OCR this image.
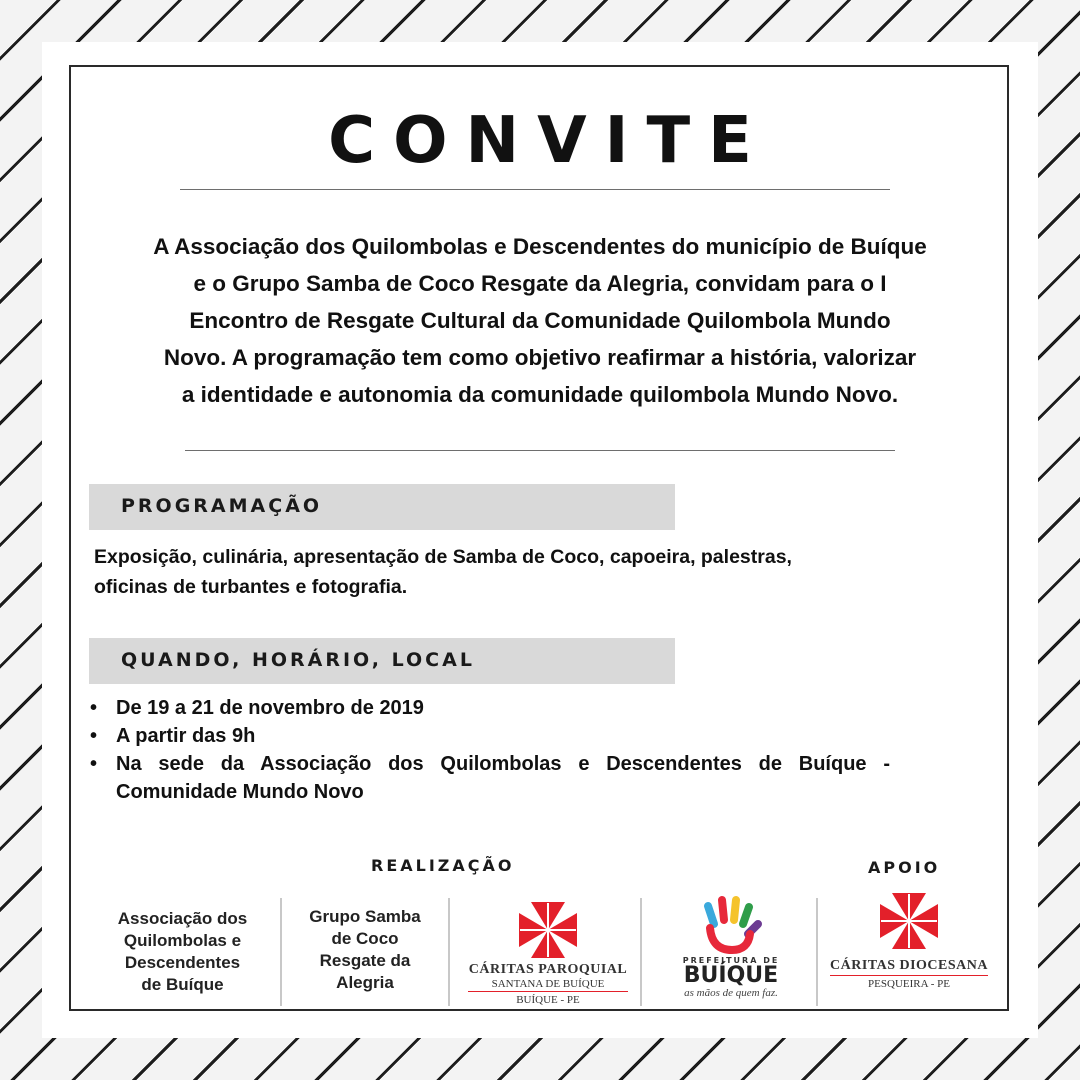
CONVITE
A Associação dos Quilombolas e Descendentes do município de Buíque
e o Grupo Samba de Coco Resgate da Alegria, convidam para o I
Encontro de Resgate Cultural da Comunidade Quilombola Mundo
Novo. A programação tem como objetivo reafirmar a história, valorizar
a identidade e autonomia da comunidade quilombola Mundo Novo.
PROGRAMAÇÃO
Exposição, culinária, apresentação de Samba de Coco, capoeira, palestras,
oficinas de turbantes e fotografia.
QUANDO, HORÁRIO, LOCAL
• De 19 a 21 de novembro de 2019
• A partir das 9h
• Na sede da Associação dos Quilombolas e Descendentes de Buíque - Comunidade Mundo Novo
REALIZAÇÃO	APOIO
Associação dos
Quilombolas e
Descendentes
de Buíque
Grupo Samba
de Coco
Resgate da
Alegria
CÁRITAS PAROQUIAL
SANTANA DE BUÍQUE
BUÍQUE - PE
PREFEITURA DE
BUÍQUE
as mãos de quem faz.
CÁRITAS DIOCESANA
PESQUEIRA - PE
